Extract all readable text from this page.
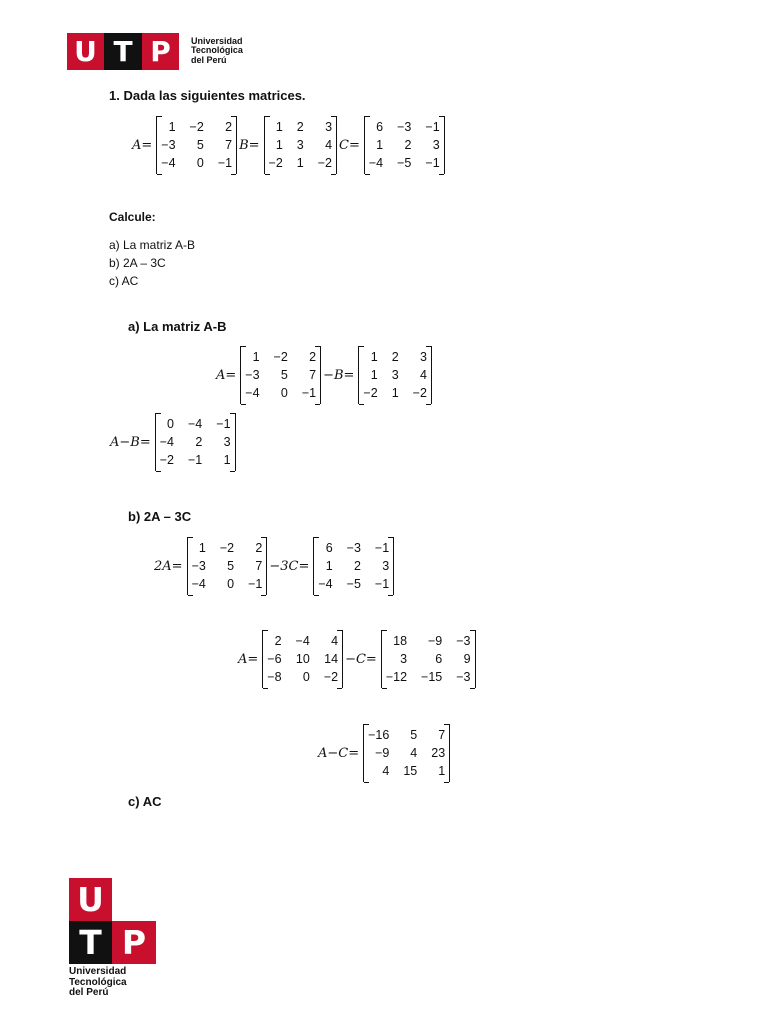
U T P	Universidad
Tecnológica
del Perú
1. Dada las siguientes matrices.
A=
1 −2	2
−3	5	7
−4	0 −1
B=
1 2	3
1 3	4
−2 1 −2
C=
6 −3 −1
1	2	3
−4 −5 −1
Calcule:
a) La matriz A-B
b) 2A – 3C
c) AC
a) La matriz A-B
A=
1 −2	2
−3	5	7
−4	0 −1
−B=
1 2	3
1 3	4
−2 1 −2
A−B=
0 −4 −1
−4	2	3
−2 −1	1
b) 2A – 3C
2A=
1 −2	2
−3	5	7
−4	0 −1
−3C=
6 −3 −1
1	2	3
−4 −5 −1
A=
2 −4	4
−6 10 14
−8	0 −2
−C=
18	−9 −3
3	6	9
−12 −15 −3
A−C=
−16	5	7
−9	4 23
4 15	1
c) AC
U
T P
Universidad
Tecnológica
del Perú
